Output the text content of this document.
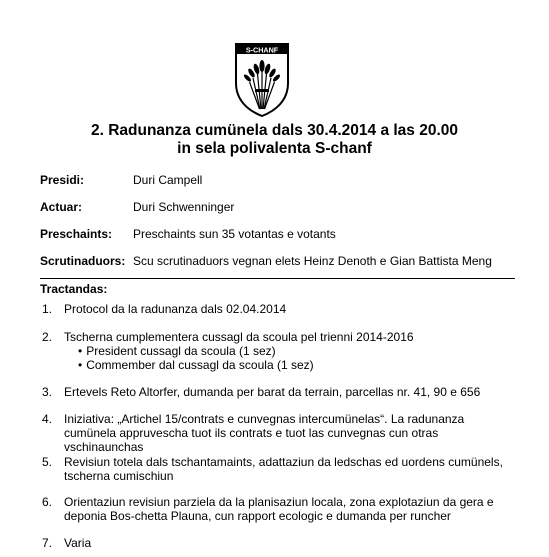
S-CHANF
2. Radunanza cumünela dals 30.4.2014 a las 20.00
in sela polivalenta S-chanf
Presidi:	Duri Campell
Actuar:	Duri Schwenninger
Preschaints: Preschaints sun 35 votantas e votants
Scrutinaduors: Scu scrutinaduors vegnan elets Heinz Denoth e Gian Battista Meng
Tractandas:
1. Protocol da la radunanza dals 02.04.2014
2. Tscherna cumplementera cussagl da scoula pel trienni 2014-2016
• President cussagl da scoula (1 sez)
• Commember dal cussagl da scoula (1 sez)
3. Ertevels Reto Altorfer, dumanda per barat da terrain, parcellas nr. 41, 90 e 656
4. Iniziativa: „Artichel 15/contrats e cunvegnas intercumünelas“. La radunanza cumünela appruvescha tuot ils contrats e tuot las cunvegnas cun otras vschinaunchas
5. Revisiun totela dals tschantamaints, adattaziun da ledschas ed uordens cumünels, tscherna cumischiun
6. Orientaziun revisiun parziela da la planisaziun locala, zona explotaziun da gera e deponia Bos-chetta Plauna, cun rapport ecologic e dumanda per runcher
7. Varia
